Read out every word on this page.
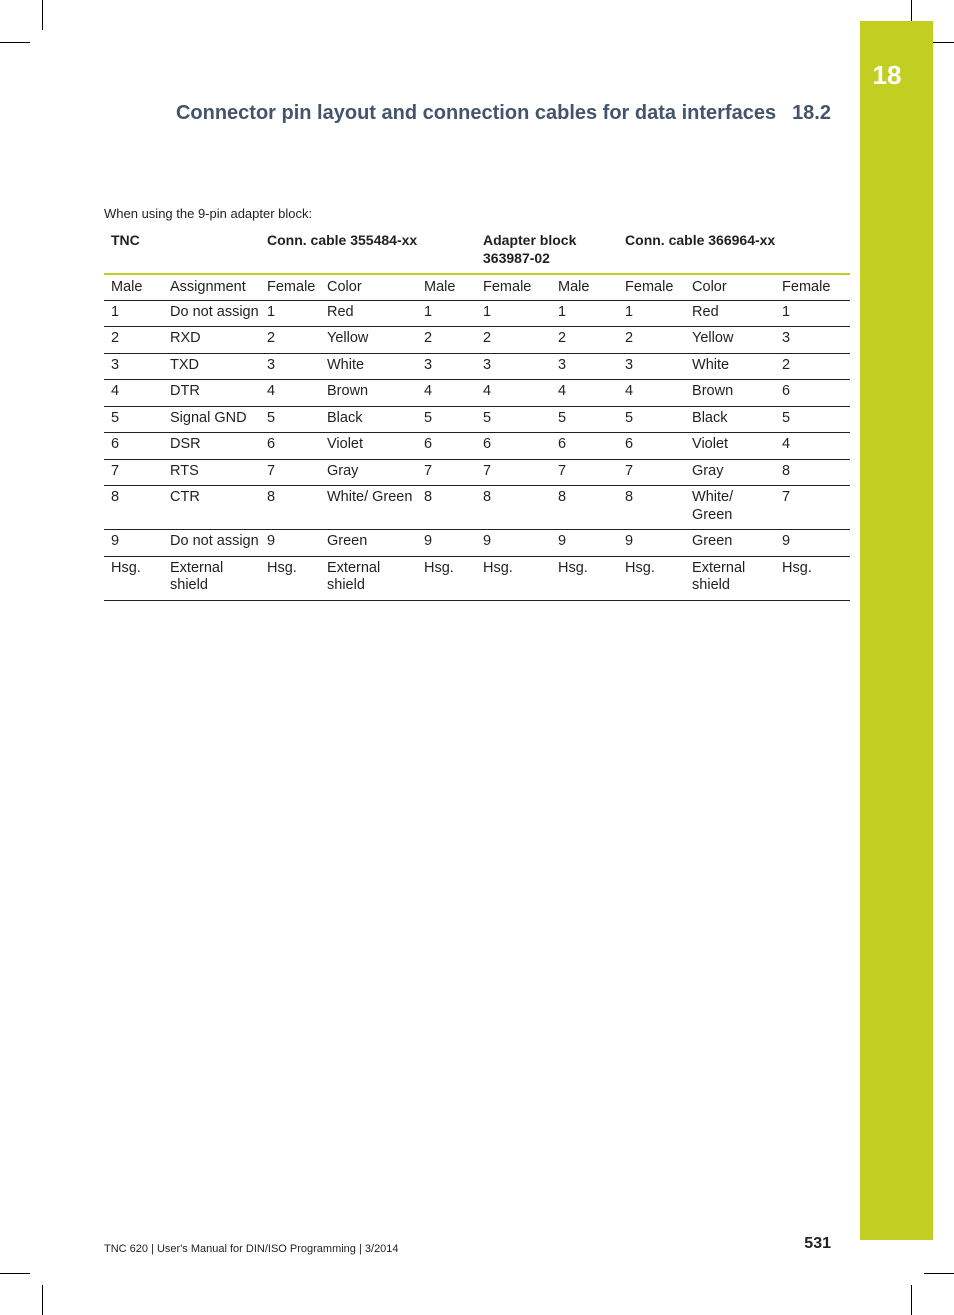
18
Connector pin layout and connection cables for data interfaces 18.2
When using the 9-pin adapter block:
TNC		Conn. cable 355484-xx			Adapter block 363987-02		Conn. cable 366964-xx		
Male	Assignment	Female	Color	Male	Female	Male	Female	Color	Female
1	Do not assign	1	Red	1	1	1	1	Red	1
2	RXD	2	Yellow	2	2	2	2	Yellow	3
3	TXD	3	White	3	3	3	3	White	2
4	DTR	4	Brown	4	4	4	4	Brown	6
5	Signal GND	5	Black	5	5	5	5	Black	5
6	DSR	6	Violet	6	6	6	6	Violet	4
7	RTS	7	Gray	7	7	7	7	Gray	8
8	CTR	8	White/ Green	8	8	8	8	White/ Green	7
9	Do not assign	9	Green	9	9	9	9	Green	9
Hsg.	External shield	Hsg.	External shield	Hsg.	Hsg.	Hsg.	Hsg.	External shield	Hsg.
TNC 620 | User's Manual for DIN/ISO Programming | 3/2014	531
